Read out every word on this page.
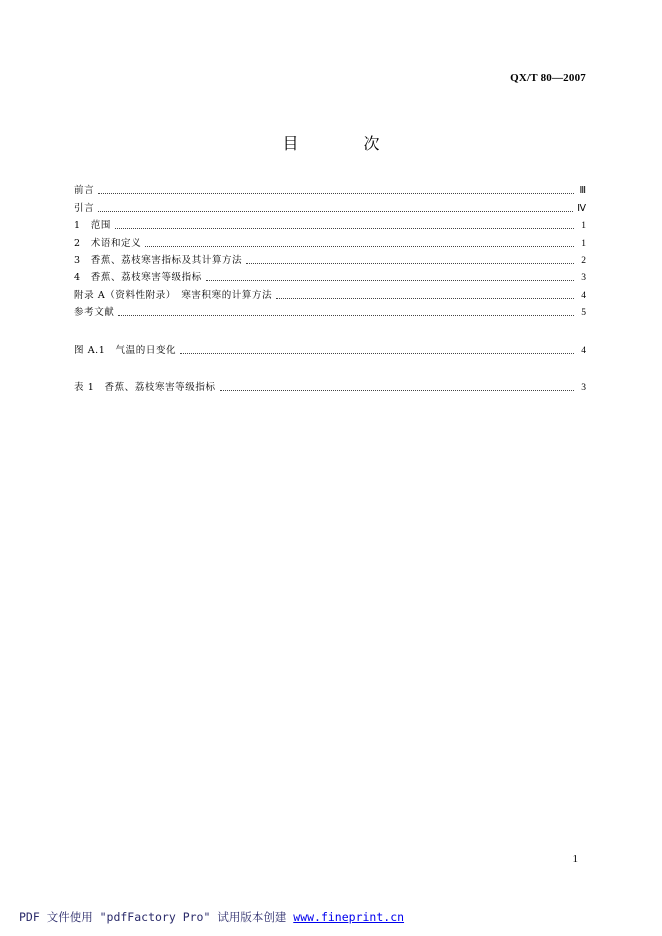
QX/T 80—2007
目 次
前言	Ⅲ
引言	Ⅳ
1　范围	1
2　术语和定义	1
3　香蕉、荔枝寒害指标及其计算方法	2
4　香蕉、荔枝寒害等级指标	3
附录 A（资料性附录）　寒害积寒的计算方法	4
参考文献	5
图 A.1　气温的日变化	4
表 1　香蕉、荔枝寒害等级指标	3
1
PDF 文件使用 "pdfFactory Pro" 试用版本创建 www.fineprint.cn
